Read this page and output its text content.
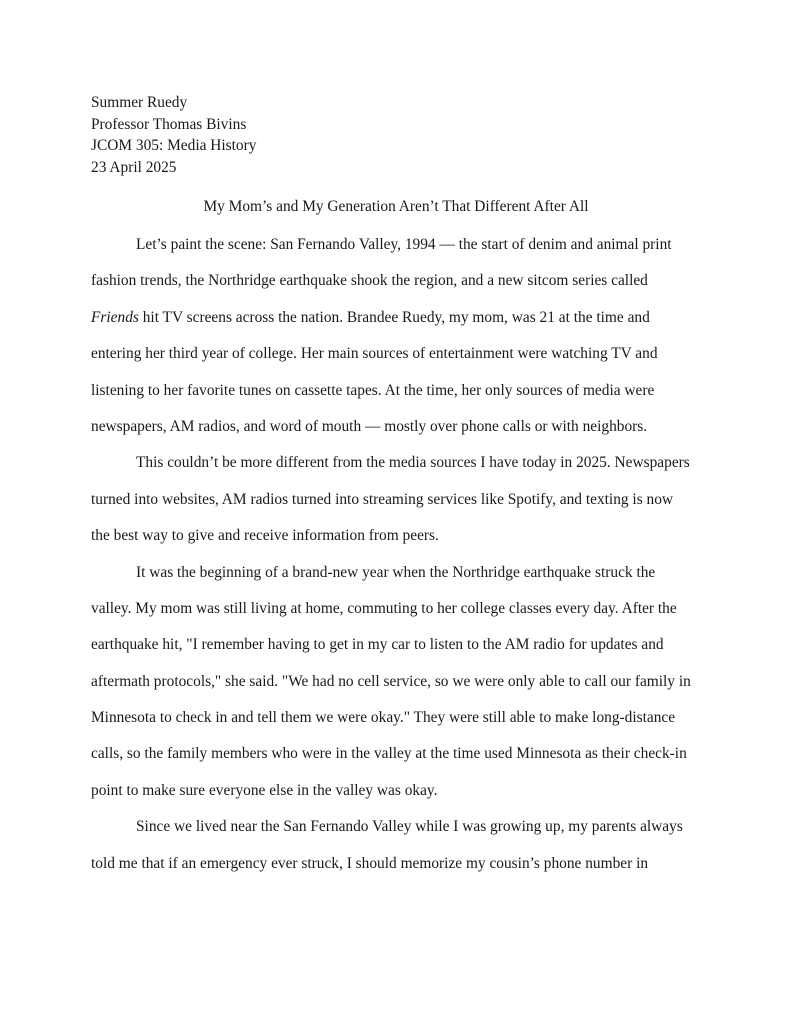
Summer Ruedy
Professor Thomas Bivins
JCOM 305: Media History
23 April 2025
My Mom’s and My Generation Aren’t That Different After All
Let’s paint the scene: San Fernando Valley, 1994 — the start of denim and animal print
fashion trends, the Northridge earthquake shook the region, and a new sitcom series called
Friends hit TV screens across the nation. Brandee Ruedy, my mom, was 21 at the time and
entering her third year of college. Her main sources of entertainment were watching TV and
listening to her favorite tunes on cassette tapes. At the time, her only sources of media were
newspapers, AM radios, and word of mouth — mostly over phone calls or with neighbors.
This couldn’t be more different from the media sources I have today in 2025. Newspapers
turned into websites, AM radios turned into streaming services like Spotify, and texting is now
the best way to give and receive information from peers.
It was the beginning of a brand-new year when the Northridge earthquake struck the
valley. My mom was still living at home, commuting to her college classes every day. After the
earthquake hit, "I remember having to get in my car to listen to the AM radio for updates and
aftermath protocols," she said. "We had no cell service, so we were only able to call our family in
Minnesota to check in and tell them we were okay." They were still able to make long-distance
calls, so the family members who were in the valley at the time used Minnesota as their check-in
point to make sure everyone else in the valley was okay.
Since we lived near the San Fernando Valley while I was growing up, my parents always
told me that if an emergency ever struck, I should memorize my cousin’s phone number in
